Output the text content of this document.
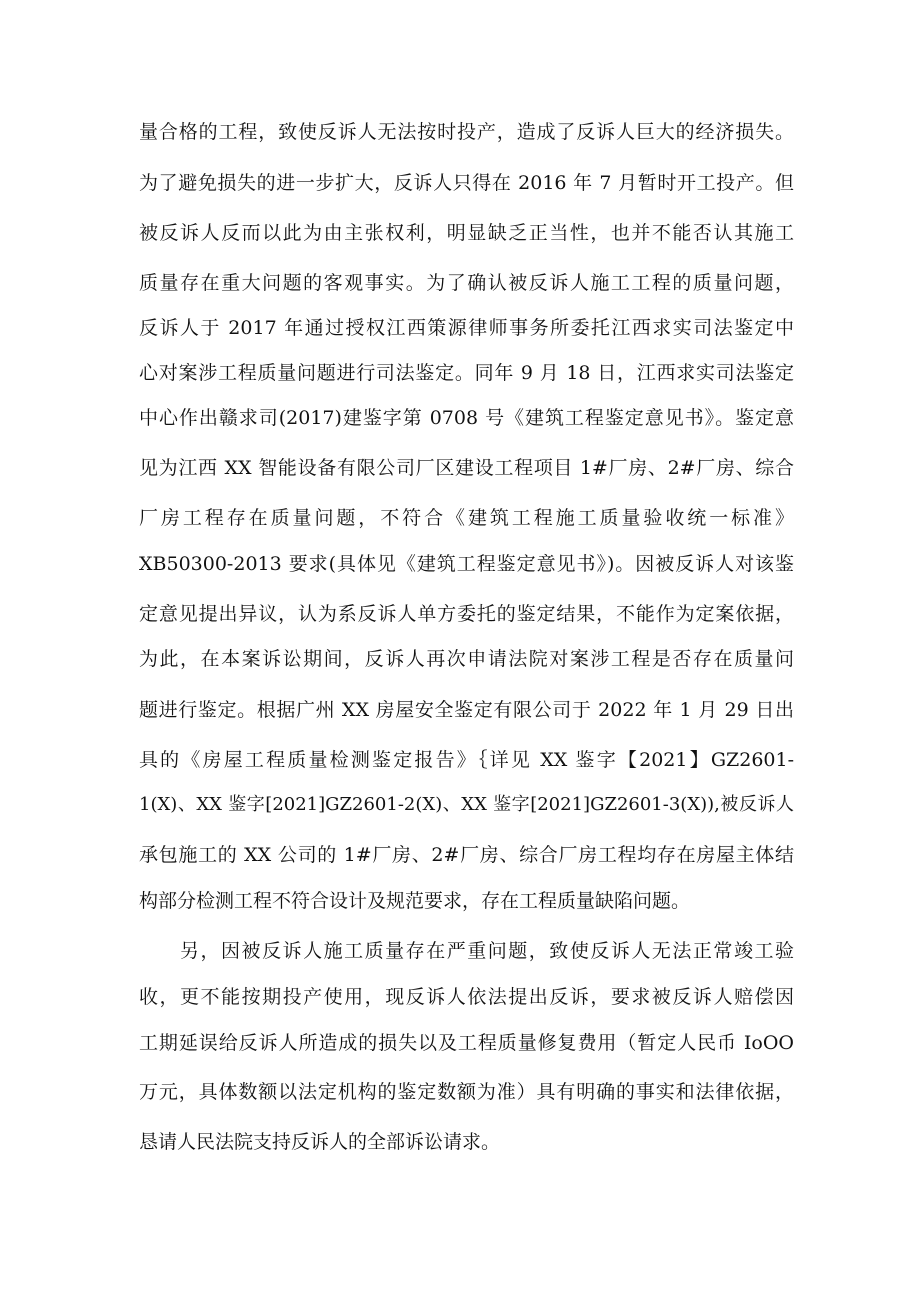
量合格的工程，致使反诉人无法按时投产，造成了反诉人巨大的经济损失。
为了避免损失的进一步扩大，反诉人只得在 2016 年 7 月暂时开工投产。但
被反诉人反而以此为由主张权利，明显缺乏正当性，也并不能否认其施工
质量存在重大问题的客观事实。为了确认被反诉人施工工程的质量问题，
反诉人于 2017 年通过授权江西策源律师事务所委托江西求实司法鉴定中
心对案涉工程质量问题进行司法鉴定。同年 9 月 18 日，江西求实司法鉴定
中心作出赣求司(2017)建鉴字第 0708 号《建筑工程鉴定意见书》。鉴定意
见为江西 XX 智能设备有限公司厂区建设工程项目 1#厂房、2#厂房、综合
厂房工程存在质量问题，不符合《建筑工程施工质量验收统一标准》
XB50300-2013 要求(具体见《建筑工程鉴定意见书》)。因被反诉人对该鉴
定意见提出异议，认为系反诉人单方委托的鉴定结果，不能作为定案依据，
为此，在本案诉讼期间，反诉人再次申请法院对案涉工程是否存在质量问
题进行鉴定。根据广州 XX 房屋安全鉴定有限公司于 2022 年 1 月 29 日出
具的《房屋工程质量检测鉴定报告》｛详见 XX 鉴字【2021】GZ2601-
1(X)、XX 鉴字[2021]GZ2601-2(X)、XX 鉴字[2021]GZ2601-3(X)),被反诉人
承包施工的 XX 公司的 1#厂房、2#厂房、综合厂房工程均存在房屋主体结
构部分检测工程不符合设计及规范要求，存在工程质量缺陷问题。
另，因被反诉人施工质量存在严重问题，致使反诉人无法正常竣工验
收，更不能按期投产使用，现反诉人依法提出反诉，要求被反诉人赔偿因
工期延误给反诉人所造成的损失以及工程质量修复费用（暂定人民币 IoOO
万元，具体数额以法定机构的鉴定数额为准）具有明确的事实和法律依据，
恳请人民法院支持反诉人的全部诉讼请求。
